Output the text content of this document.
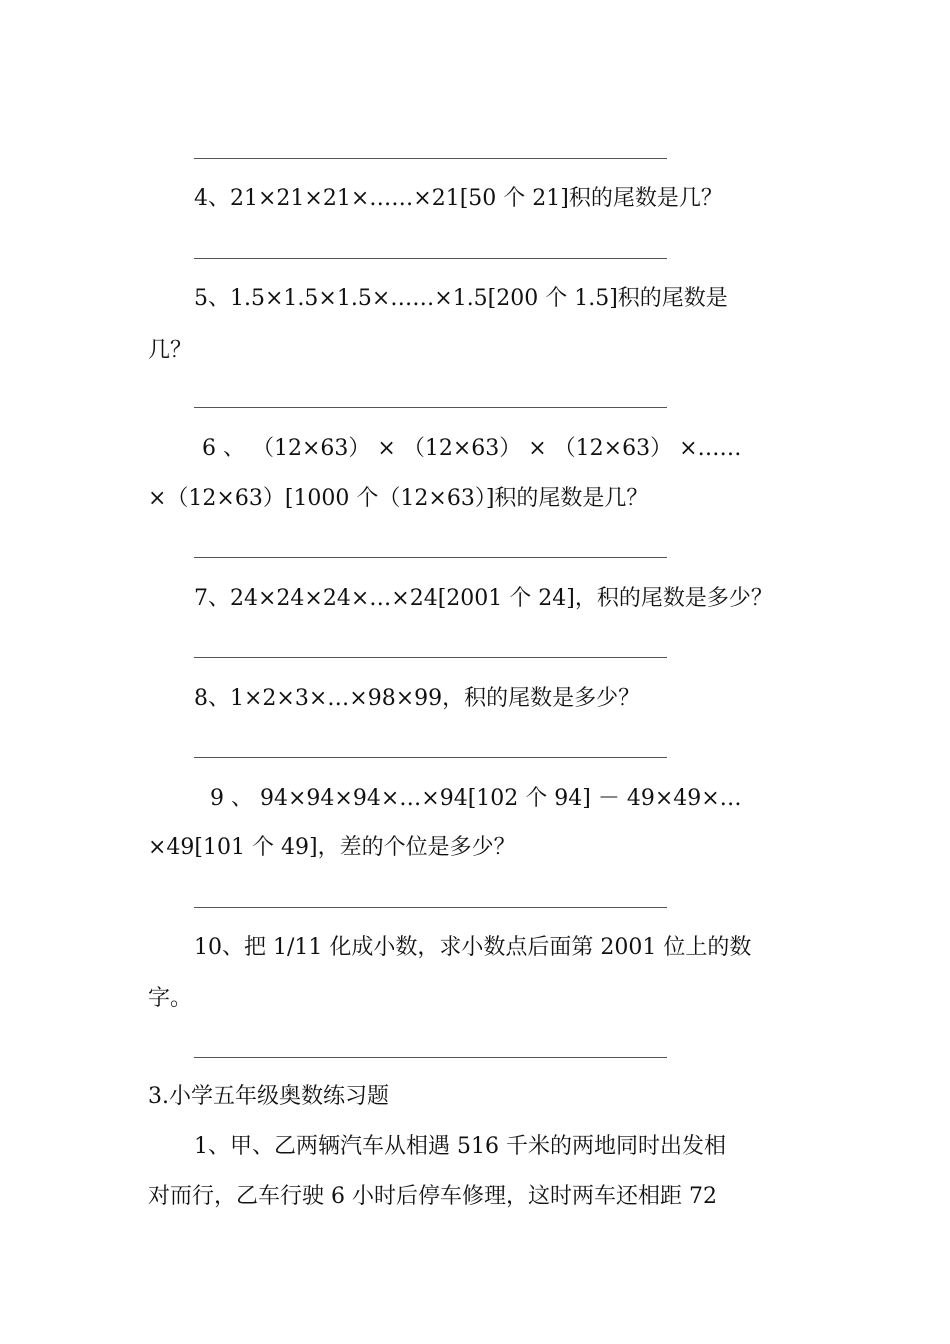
4、21×21×21×……×21[50 个 21]积的尾数是几？
5、1.5×1.5×1.5×……×1.5[200 个 1.5]积的尾数是
几？
6 、 （12×63） × （12×63） × （12×63） ×……
×（12×63）[1000 个（12×63）]积的尾数是几？
7、24×24×24×…×24[2001 个 24]，积的尾数是多少？
8、1×2×3×…×98×99，积的尾数是多少？
9 、 94×94×94×…×94[102 个 94] － 49×49×…
×49[101 个 49]，差的个位是多少？
10、把 1/11 化成小数，求小数点后面第 2001 位上的数
字。
3.小学五年级奥数练习题
1、甲、乙两辆汽车从相遇 516 千米的两地同时出发相
对而行，乙车行驶 6 小时后停车修理，这时两车还相距 72
